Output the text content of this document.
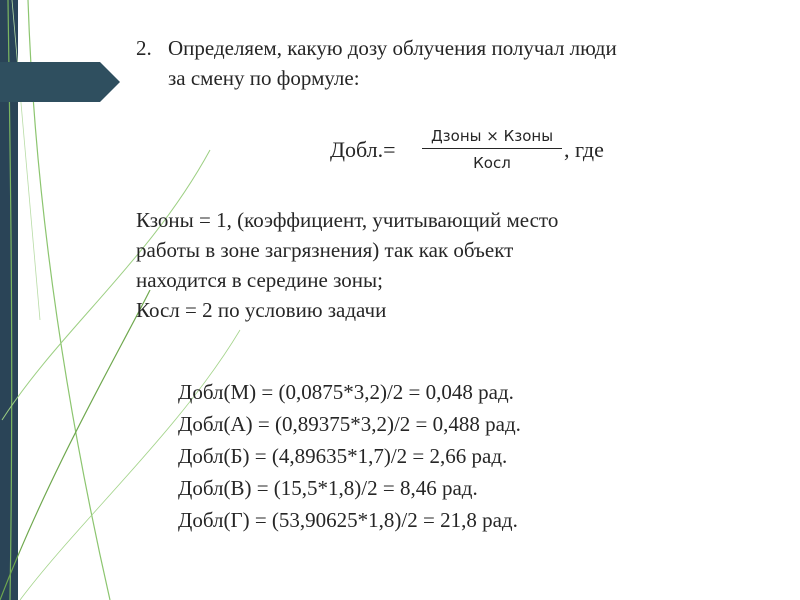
2. Определяем, какую дозу облучения получал люди
за смену по формуле:
Добл.=
Дзоны × Кзоны
Косл
, где
Кзоны = 1, (коэффициент, учитывающий место
работы в зоне загрязнения) так как объект
находится в середине зоны;
Косл = 2 по условию задачи
Добл(М) = (0,0875*3,2)/2 = 0,048 рад.
Добл(А) = (0,89375*3,2)/2 = 0,488 рад.
Добл(Б) = (4,89635*1,7)/2 = 2,66 рад.
Добл(В) = (15,5*1,8)/2 = 8,46 рад.
Добл(Г) = (53,90625*1,8)/2 = 21,8 рад.
